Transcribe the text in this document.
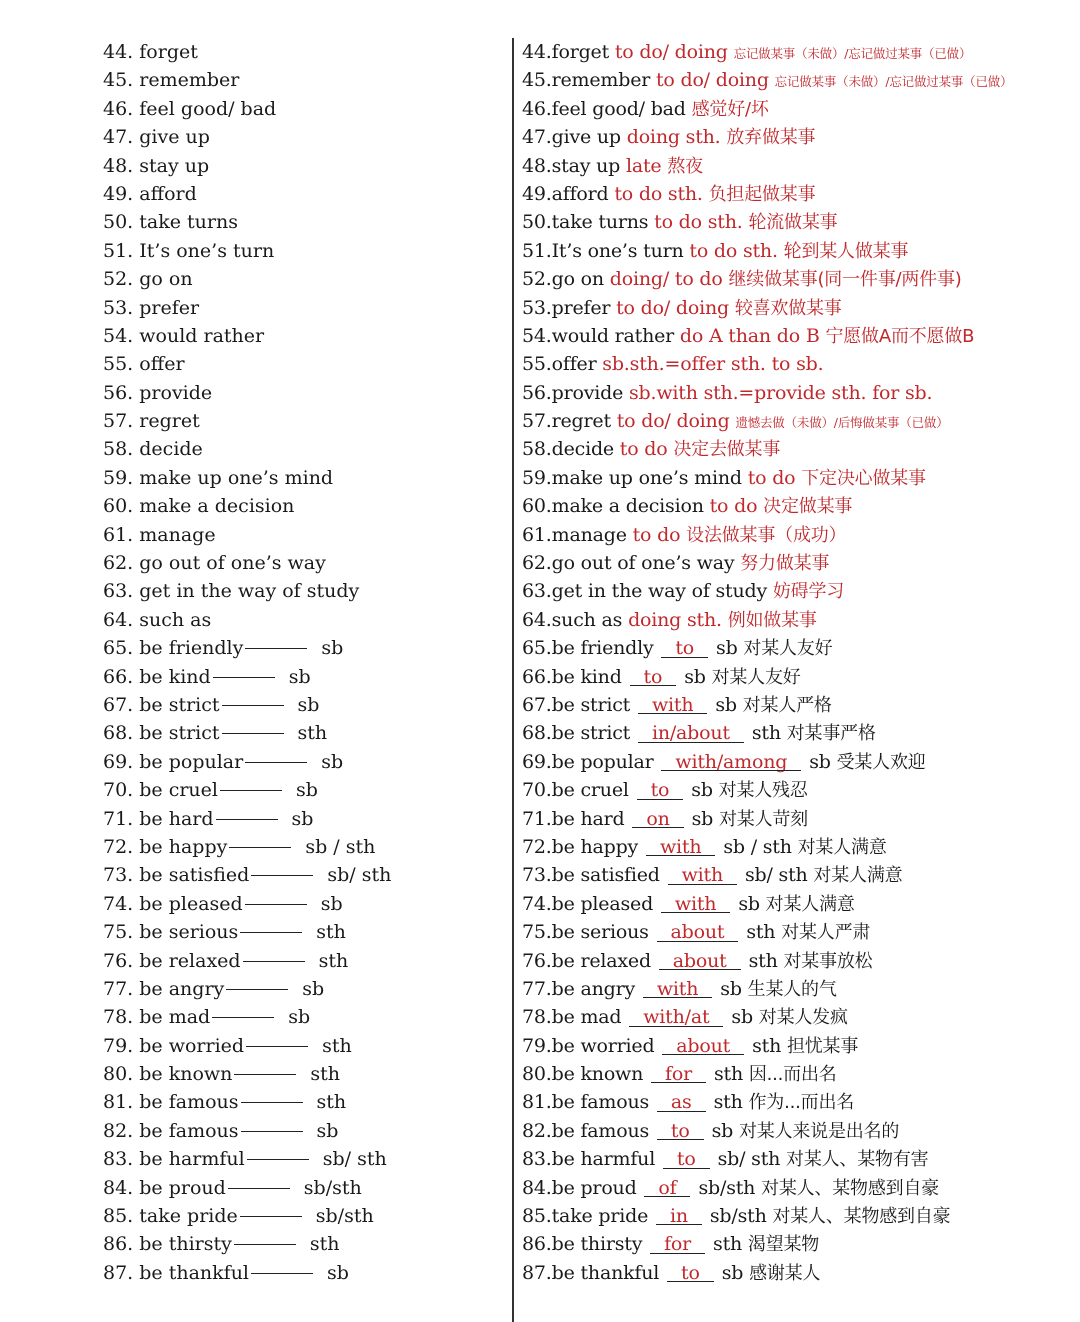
44. forget
45. remember
46. feel good/ bad
47. give up
48. stay up
49. afford
50. take turns
51. It’s one’s turn
52. go on
53. prefer
54. would rather
55. offer
56. provide
57. regret
58. decide
59. make up one’s mind
60. make a decision
61. manage
62. go out of one’s way
63. get in the way of study
64. such as
65. be friendly	sb
66. be kind	sb
67. be strict	sb
68. be strict	sth
69. be popular	sb
70. be cruel	sb
71. be hard	sb
72. be happy	sb / sth
73. be satisfied	sb/ sth
74. be pleased	sb
75. be serious	sth
76. be relaxed	sth
77. be angry	sb
78. be mad	sb
79. be worried	sth
80. be known	sth
81. be famous	sth
82. be famous	sb
83. be harmful	sb/ sth
84. be proud	sb/sth
85. take pride	sb/sth
86. be thirsty	sth
87. be thankful	sb
44.forget to do/ doing 忘记做某事（未做）/忘记做过某事（已做）
45.remember to do/ doing 忘记做某事（未做）/忘记做过某事（已做）
46.feel good/ bad 感觉好/坏
47.give up doing sth. 放弃做某事
48.stay up late 熬夜
49.afford to do sth. 负担起做某事
50.take turns to do sth. 轮流做某事
51.It’s one’s turn to do sth. 轮到某人做某事
52.go on doing/ to do 继续做某事(同一件事/两件事)
53.prefer to do/ doing 较喜欢做某事
54.would rather do A than do B 宁愿做A而不愿做B
55.offer sb.sth.=offer sth. to sb.
56.provide sb.with sth.=provide sth. for sb.
57.regret to do/ doing 遗憾去做（未做）/后悔做某事（已做）
58.decide to do 决定去做某事
59.make up one’s mind to do 下定决心做某事
60.make a decision to do 决定做某事
61.manage to do 设法做某事（成功）
62.go out of one’s way 努力做某事
63.get in the way of study 妨碍学习
64.such as doing sth. 例如做某事
65.be friendly to sb 对某人友好
66.be kind to sb 对某人友好
67.be strict with sb 对某人严格
68.be strict in/about sth 对某事严格
69.be popular with/among sb 受某人欢迎
70.be cruel to sb 对某人残忍
71.be hard on sb 对某人苛刻
72.be happy with sb / sth 对某人满意
73.be satisfied with sb/ sth 对某人满意
74.be pleased with sb 对某人满意
75.be serious about sth 对某人严肃
76.be relaxed about sth 对某事放松
77.be angry with sb 生某人的气
78.be mad with/at sb 对某人发疯
79.be worried about sth 担忧某事
80.be known for sth 因...而出名
81.be famous as sth 作为...而出名
82.be famous to sb 对某人来说是出名的
83.be harmful to sb/ sth 对某人、某物有害
84.be proud of sb/sth 对某人、某物感到自豪
85.take pride in sb/sth 对某人、某物感到自豪
86.be thirsty for sth 渴望某物
87.be thankful to sb 感谢某人
